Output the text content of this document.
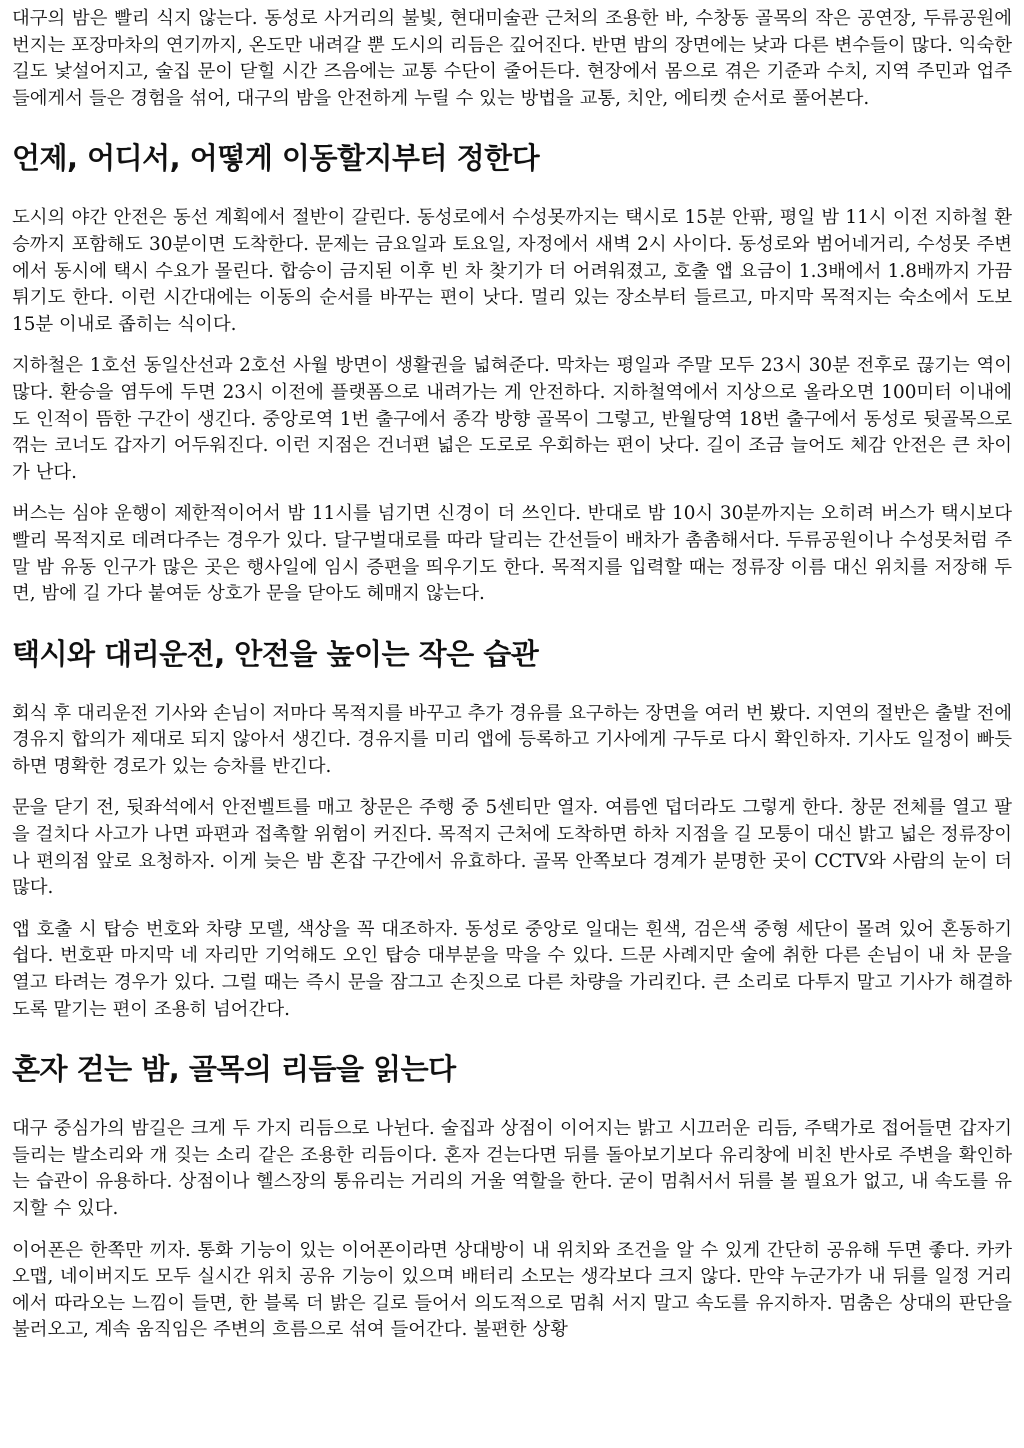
대구의 밤은 빨리 식지 않는다. 동성로 사거리의 불빛, 현대미술관 근처의 조용한 바, 수창동 골목의 작은 공연장, 두류공원에 번지는 포장마차의 연기까지, 온도만 내려갈 뿐 도시의 리듬은 깊어진다. 반면 밤의 장면에는 낮과 다른 변수들이 많다. 익숙한 길도 낯설어지고, 술집 문이 닫힐 시간 즈음에는 교통 수단이 줄어든다. 현장에서 몸으로 겪은 기준과 수치, 지역 주민과 업주들에게서 들은 경험을 섞어, 대구의 밤을 안전하게 누릴 수 있는 방법을 교통, 치안, 에티켓 순서로 풀어본다.

언제, 어디서, 어떻게 이동할지부터 정한다

도시의 야간 안전은 동선 계획에서 절반이 갈린다. 동성로에서 수성못까지는 택시로 15분 안팎, 평일 밤 11시 이전 지하철 환승까지 포함해도 30분이면 도착한다. 문제는 금요일과 토요일, 자정에서 새벽 2시 사이다. 동성로와 범어네거리, 수성못 주변에서 동시에 택시 수요가 몰린다. 합승이 금지된 이후 빈 차 찾기가 더 어려워졌고, 호출 앱 요금이 1.3배에서 1.8배까지 가끔 튀기도 한다. 이런 시간대에는 이동의 순서를 바꾸는 편이 낫다. 멀리 있는 장소부터 들르고, 마지막 목적지는 숙소에서 도보 15분 이내로 좁히는 식이다.

지하철은 1호선 동일산선과 2호선 사월 방면이 생활권을 넓혀준다. 막차는 평일과 주말 모두 23시 30분 전후로 끊기는 역이 많다. 환승을 염두에 두면 23시 이전에 플랫폼으로 내려가는 게 안전하다. 지하철역에서 지상으로 올라오면 100미터 이내에도 인적이 뜸한 구간이 생긴다. 중앙로역 1번 출구에서 종각 방향 골목이 그렇고, 반월당역 18번 출구에서 동성로 뒷골목으로 꺾는 코너도 갑자기 어두워진다. 이런 지점은 건너편 넓은 도로로 우회하는 편이 낫다. 길이 조금 늘어도 체감 안전은 큰 차이가 난다.

버스는 심야 운행이 제한적이어서 밤 11시를 넘기면 신경이 더 쓰인다. 반대로 밤 10시 30분까지는 오히려 버스가 택시보다 빨리 목적지로 데려다주는 경우가 있다. 달구벌대로를 따라 달리는 간선들이 배차가 촘촘해서다. 두류공원이나 수성못처럼 주말 밤 유동 인구가 많은 곳은 행사일에 임시 증편을 띄우기도 한다. 목적지를 입력할 때는 정류장 이름 대신 위치를 저장해 두면, 밤에 길 가다 붙여둔 상호가 문을 닫아도 헤매지 않는다.

택시와 대리운전, 안전을 높이는 작은 습관

회식 후 대리운전 기사와 손님이 저마다 목적지를 바꾸고 추가 경유를 요구하는 장면을 여러 번 봤다. 지연의 절반은 출발 전에 경유지 합의가 제대로 되지 않아서 생긴다. 경유지를 미리 앱에 등록하고 기사에게 구두로 다시 확인하자. 기사도 일정이 빠듯하면 명확한 경로가 있는 승차를 반긴다.

문을 닫기 전, 뒷좌석에서 안전벨트를 매고 창문은 주행 중 5센티만 열자. 여름엔 덥더라도 그렇게 한다. 창문 전체를 열고 팔을 걸치다 사고가 나면 파편과 접촉할 위험이 커진다. 목적지 근처에 도착하면 하차 지점을 길 모퉁이 대신 밝고 넓은 정류장이나 편의점 앞로 요청하자. 이게 늦은 밤 혼잡 구간에서 유효하다. 골목 안쪽보다 경계가 분명한 곳이 CCTV와 사람의 눈이 더 많다.

앱 호출 시 탑승 번호와 차량 모델, 색상을 꼭 대조하자. 동성로 중앙로 일대는 흰색, 검은색 중형 세단이 몰려 있어 혼동하기 쉽다. 번호판 마지막 네 자리만 기억해도 오인 탑승 대부분을 막을 수 있다. 드문 사례지만 술에 취한 다른 손님이 내 차 문을 열고 타려는 경우가 있다. 그럴 때는 즉시 문을 잠그고 손짓으로 다른 차량을 가리킨다. 큰 소리로 다투지 말고 기사가 해결하도록 맡기는 편이 조용히 넘어간다.

혼자 걷는 밤, 골목의 리듬을 읽는다

대구 중심가의 밤길은 크게 두 가지 리듬으로 나뉜다. 술집과 상점이 이어지는 밝고 시끄러운 리듬, 주택가로 접어들면 갑자기 들리는 발소리와 개 짖는 소리 같은 조용한 리듬이다. 혼자 걷는다면 뒤를 돌아보기보다 유리창에 비친 반사로 주변을 확인하는 습관이 유용하다. 상점이나 헬스장의 통유리는 거리의 거울 역할을 한다. 굳이 멈춰서서 뒤를 볼 필요가 없고, 내 속도를 유지할 수 있다.

이어폰은 한쪽만 끼자. 통화 기능이 있는 이어폰이라면 상대방이 내 위치와 조건을 알 수 있게 간단히 공유해 두면 좋다. 카카오맵, 네이버지도 모두 실시간 위치 공유 기능이 있으며 배터리 소모는 생각보다 크지 않다. 만약 누군가가 내 뒤를 일정 거리에서 따라오는 느낌이 들면, 한 블록 더 밝은 길로 들어서 의도적으로 멈춰 서지 말고 속도를 유지하자. 멈춤은 상대의 판단을 불러오고, 계속 움직임은 주변의 흐름으로 섞여 들어간다. 불편한 상황
